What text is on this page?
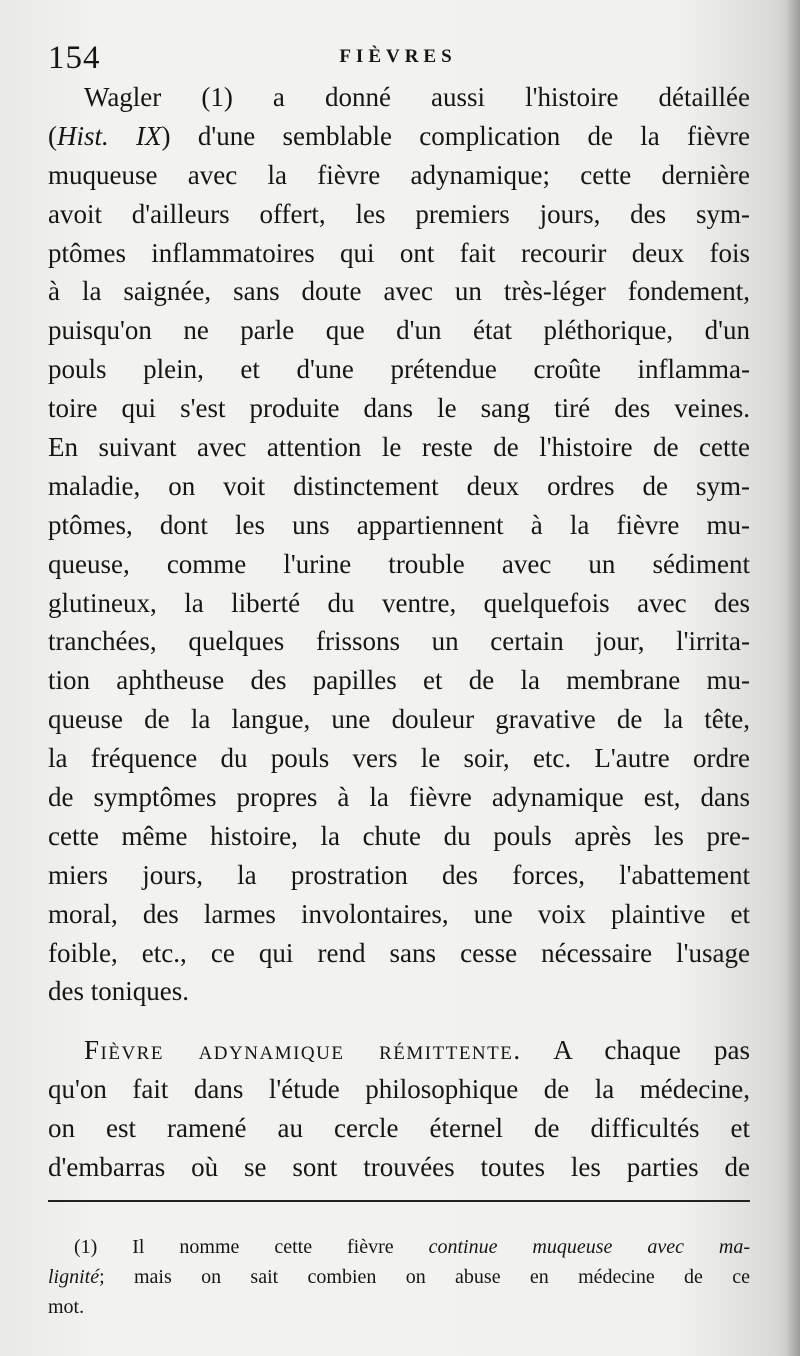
154	FIÈVRES
Wagler (1) a donné aussi l'histoire détaillée
(Hist. IX) d'une semblable complication de la fièvre
muqueuse avec la fièvre adynamique; cette dernière
avoit d'ailleurs offert, les premiers jours, des sym-
ptômes inflammatoires qui ont fait recourir deux fois
à la saignée, sans doute avec un très-léger fondement,
puisqu'on ne parle que d'un état pléthorique, d'un
pouls plein, et d'une prétendue croûte inflamma-
toire qui s'est produite dans le sang tiré des veines.
En suivant avec attention le reste de l'histoire de cette
maladie, on voit distinctement deux ordres de sym-
ptômes, dont les uns appartiennent à la fièvre mu-
queuse, comme l'urine trouble avec un sédiment
glutineux, la liberté du ventre, quelquefois avec des
tranchées, quelques frissons un certain jour, l'irrita-
tion aphtheuse des papilles et de la membrane mu-
queuse de la langue, une douleur gravative de la tête,
la fréquence du pouls vers le soir, etc. L'autre ordre
de symptômes propres à la fièvre adynamique est, dans
cette même histoire, la chute du pouls après les pre-
miers jours, la prostration des forces, l'abattement
moral, des larmes involontaires, une voix plaintive et
foible, etc., ce qui rend sans cesse nécessaire l'usage
des toniques.
Fièvre adynamique rémittente. A chaque pas
qu'on fait dans l'étude philosophique de la médecine,
on est ramené au cercle éternel de difficultés et
d'embarras où se sont trouvées toutes les parties de
(1) Il nomme cette fièvre continue muqueuse avec ma-
lignité; mais on sait combien on abuse en médecine de ce
mot.
